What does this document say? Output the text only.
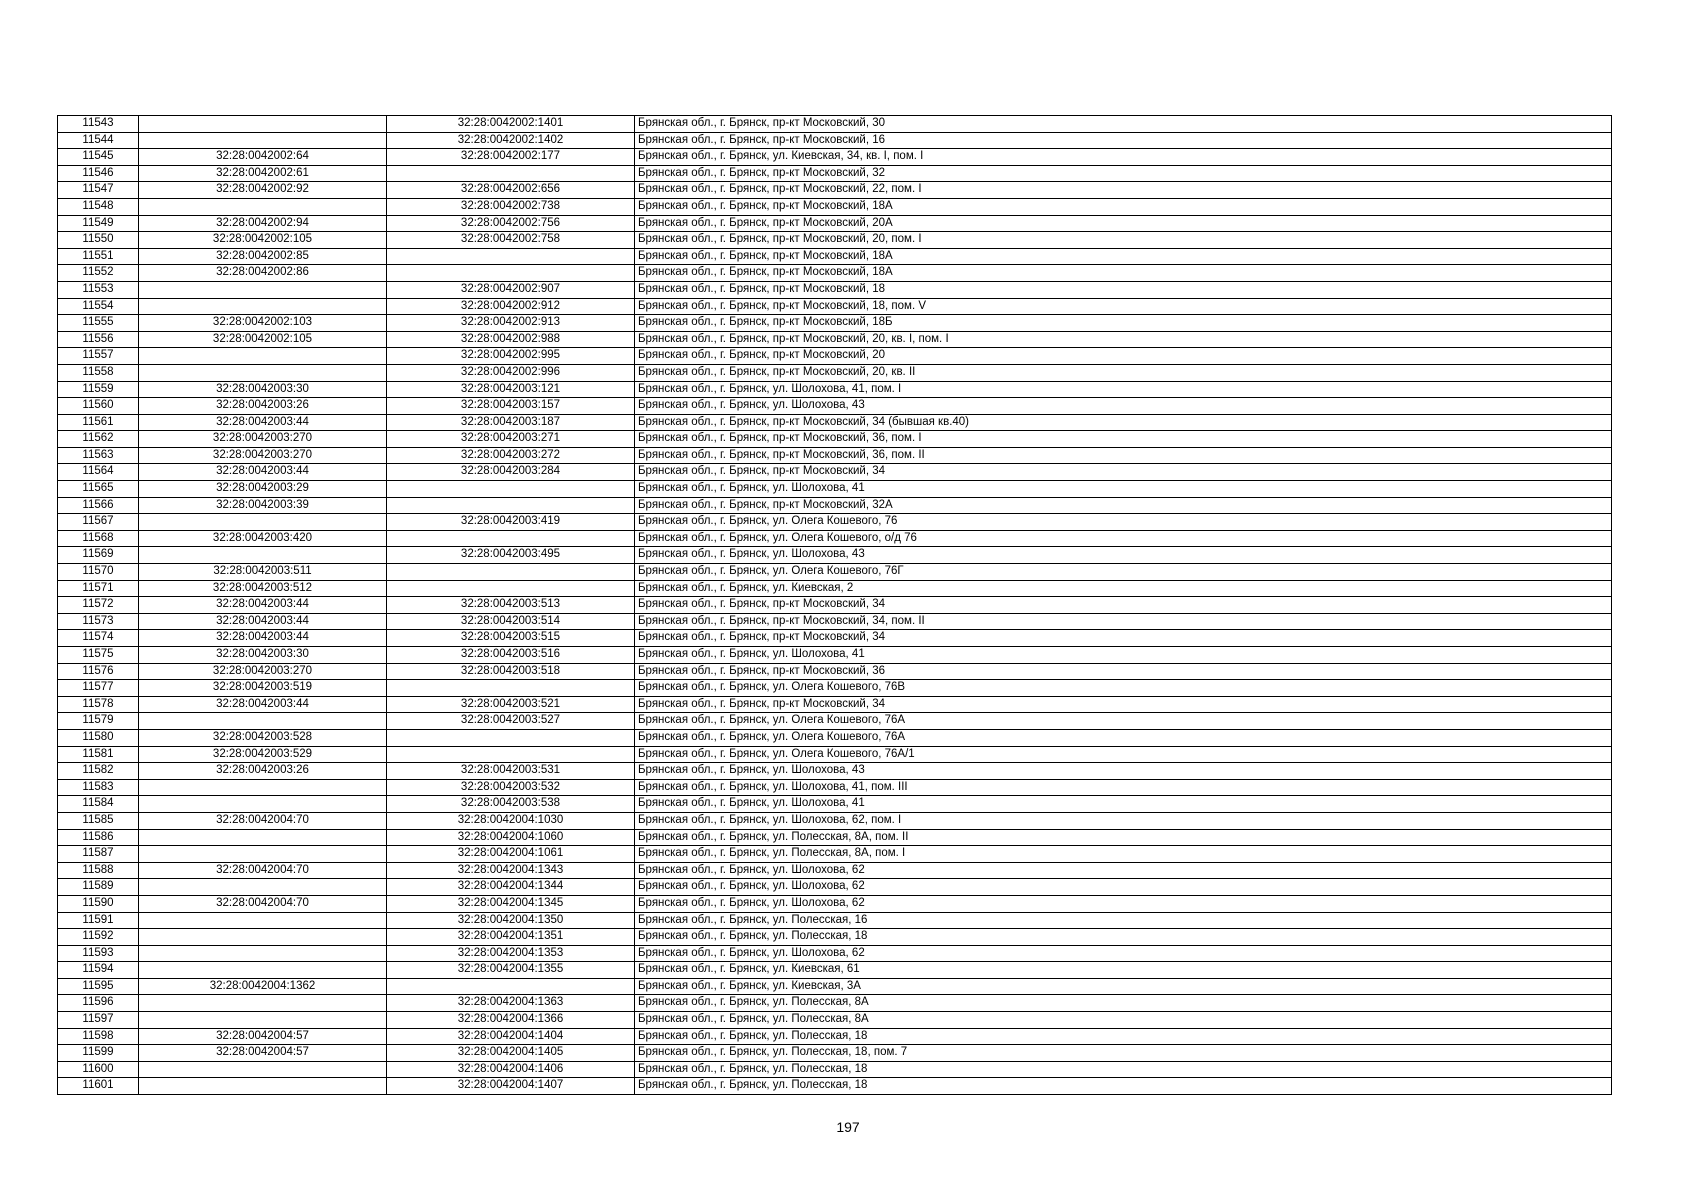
11543		32:28:0042002:1401	Брянская обл., г. Брянск, пр-кт Московский, 30
11544		32:28:0042002:1402	Брянская обл., г. Брянск, пр-кт Московский, 16
11545	32:28:0042002:64	32:28:0042002:177	Брянская обл., г. Брянск, ул. Киевская, 34, кв. I, пом. I
11546	32:28:0042002:61		Брянская обл., г. Брянск, пр-кт Московский, 32
11547	32:28:0042002:92	32:28:0042002:656	Брянская обл., г. Брянск, пр-кт Московский, 22, пом. I
11548		32:28:0042002:738	Брянская обл., г. Брянск, пр-кт Московский, 18А
11549	32:28:0042002:94	32:28:0042002:756	Брянская обл., г. Брянск, пр-кт Московский, 20А
11550	32:28:0042002:105	32:28:0042002:758	Брянская обл., г. Брянск, пр-кт Московский, 20, пом. I
11551	32:28:0042002:85		Брянская обл., г. Брянск, пр-кт Московский, 18А
11552	32:28:0042002:86		Брянская обл., г. Брянск, пр-кт Московский, 18А
11553		32:28:0042002:907	Брянская обл., г. Брянск, пр-кт Московский, 18
11554		32:28:0042002:912	Брянская обл., г. Брянск, пр-кт Московский, 18, пом. V
11555	32:28:0042002:103	32:28:0042002:913	Брянская обл., г. Брянск, пр-кт Московский, 18Б
11556	32:28:0042002:105	32:28:0042002:988	Брянская обл., г. Брянск, пр-кт Московский, 20, кв. I, пом. I
11557		32:28:0042002:995	Брянская обл., г. Брянск, пр-кт Московский, 20
11558		32:28:0042002:996	Брянская обл., г. Брянск, пр-кт Московский, 20, кв. II
11559	32:28:0042003:30	32:28:0042003:121	Брянская обл., г. Брянск, ул. Шолохова, 41, пом. I
11560	32:28:0042003:26	32:28:0042003:157	Брянская обл., г. Брянск, ул. Шолохова, 43
11561	32:28:0042003:44	32:28:0042003:187	Брянская обл., г. Брянск, пр-кт Московский, 34 (бывшая кв.40)
11562	32:28:0042003:270	32:28:0042003:271	Брянская обл., г. Брянск, пр-кт Московский, 36, пом. I
11563	32:28:0042003:270	32:28:0042003:272	Брянская обл., г. Брянск, пр-кт Московский, 36, пом. II
11564	32:28:0042003:44	32:28:0042003:284	Брянская обл., г. Брянск, пр-кт Московский, 34
11565	32:28:0042003:29		Брянская обл., г. Брянск, ул. Шолохова, 41
11566	32:28:0042003:39		Брянская обл., г. Брянск, пр-кт Московский, 32А
11567		32:28:0042003:419	Брянская обл., г. Брянск, ул. Олега Кошевого, 76
11568	32:28:0042003:420		Брянская обл., г. Брянск, ул. Олега Кошевого, о/д 76
11569		32:28:0042003:495	Брянская обл., г. Брянск, ул. Шолохова, 43
11570	32:28:0042003:511		Брянская обл., г. Брянск, ул. Олега Кошевого, 76Г
11571	32:28:0042003:512		Брянская обл., г. Брянск, ул. Киевская, 2
11572	32:28:0042003:44	32:28:0042003:513	Брянская обл., г. Брянск, пр-кт Московский, 34
11573	32:28:0042003:44	32:28:0042003:514	Брянская обл., г. Брянск, пр-кт Московский, 34, пом. II
11574	32:28:0042003:44	32:28:0042003:515	Брянская обл., г. Брянск, пр-кт Московский, 34
11575	32:28:0042003:30	32:28:0042003:516	Брянская обл., г. Брянск, ул. Шолохова, 41
11576	32:28:0042003:270	32:28:0042003:518	Брянская обл., г. Брянск, пр-кт Московский, 36
11577	32:28:0042003:519		Брянская обл., г. Брянск, ул. Олега Кошевого, 76В
11578	32:28:0042003:44	32:28:0042003:521	Брянская обл., г. Брянск, пр-кт Московский, 34
11579		32:28:0042003:527	Брянская обл., г. Брянск, ул. Олега Кошевого, 76А
11580	32:28:0042003:528		Брянская обл., г. Брянск, ул. Олега Кошевого, 76А
11581	32:28:0042003:529		Брянская обл., г. Брянск, ул. Олега Кошевого, 76А/1
11582	32:28:0042003:26	32:28:0042003:531	Брянская обл., г. Брянск, ул. Шолохова, 43
11583		32:28:0042003:532	Брянская обл., г. Брянск, ул. Шолохова, 41, пом. III
11584		32:28:0042003:538	Брянская обл., г. Брянск, ул. Шолохова, 41
11585	32:28:0042004:70	32:28:0042004:1030	Брянская обл., г. Брянск, ул. Шолохова, 62, пом. I
11586		32:28:0042004:1060	Брянская обл., г. Брянск, ул. Полесская, 8А, пом. II
11587		32:28:0042004:1061	Брянская обл., г. Брянск, ул. Полесская, 8А, пом. I
11588	32:28:0042004:70	32:28:0042004:1343	Брянская обл., г. Брянск, ул. Шолохова, 62
11589		32:28:0042004:1344	Брянская обл., г. Брянск, ул. Шолохова, 62
11590	32:28:0042004:70	32:28:0042004:1345	Брянская обл., г. Брянск, ул. Шолохова, 62
11591		32:28:0042004:1350	Брянская обл., г. Брянск, ул. Полесская, 16
11592		32:28:0042004:1351	Брянская обл., г. Брянск, ул. Полесская, 18
11593		32:28:0042004:1353	Брянская обл., г. Брянск, ул. Шолохова, 62
11594		32:28:0042004:1355	Брянская обл., г. Брянск, ул. Киевская, 61
11595	32:28:0042004:1362		Брянская обл., г. Брянск, ул. Киевская, 3А
11596		32:28:0042004:1363	Брянская обл., г. Брянск, ул. Полесская, 8А
11597		32:28:0042004:1366	Брянская обл., г. Брянск, ул. Полесская, 8А
11598	32:28:0042004:57	32:28:0042004:1404	Брянская обл., г. Брянск, ул. Полесская, 18
11599	32:28:0042004:57	32:28:0042004:1405	Брянская обл., г. Брянск, ул. Полесская, 18, пом. 7
11600		32:28:0042004:1406	Брянская обл., г. Брянск, ул. Полесская, 18
11601		32:28:0042004:1407	Брянская обл., г. Брянск, ул. Полесская, 18
197
